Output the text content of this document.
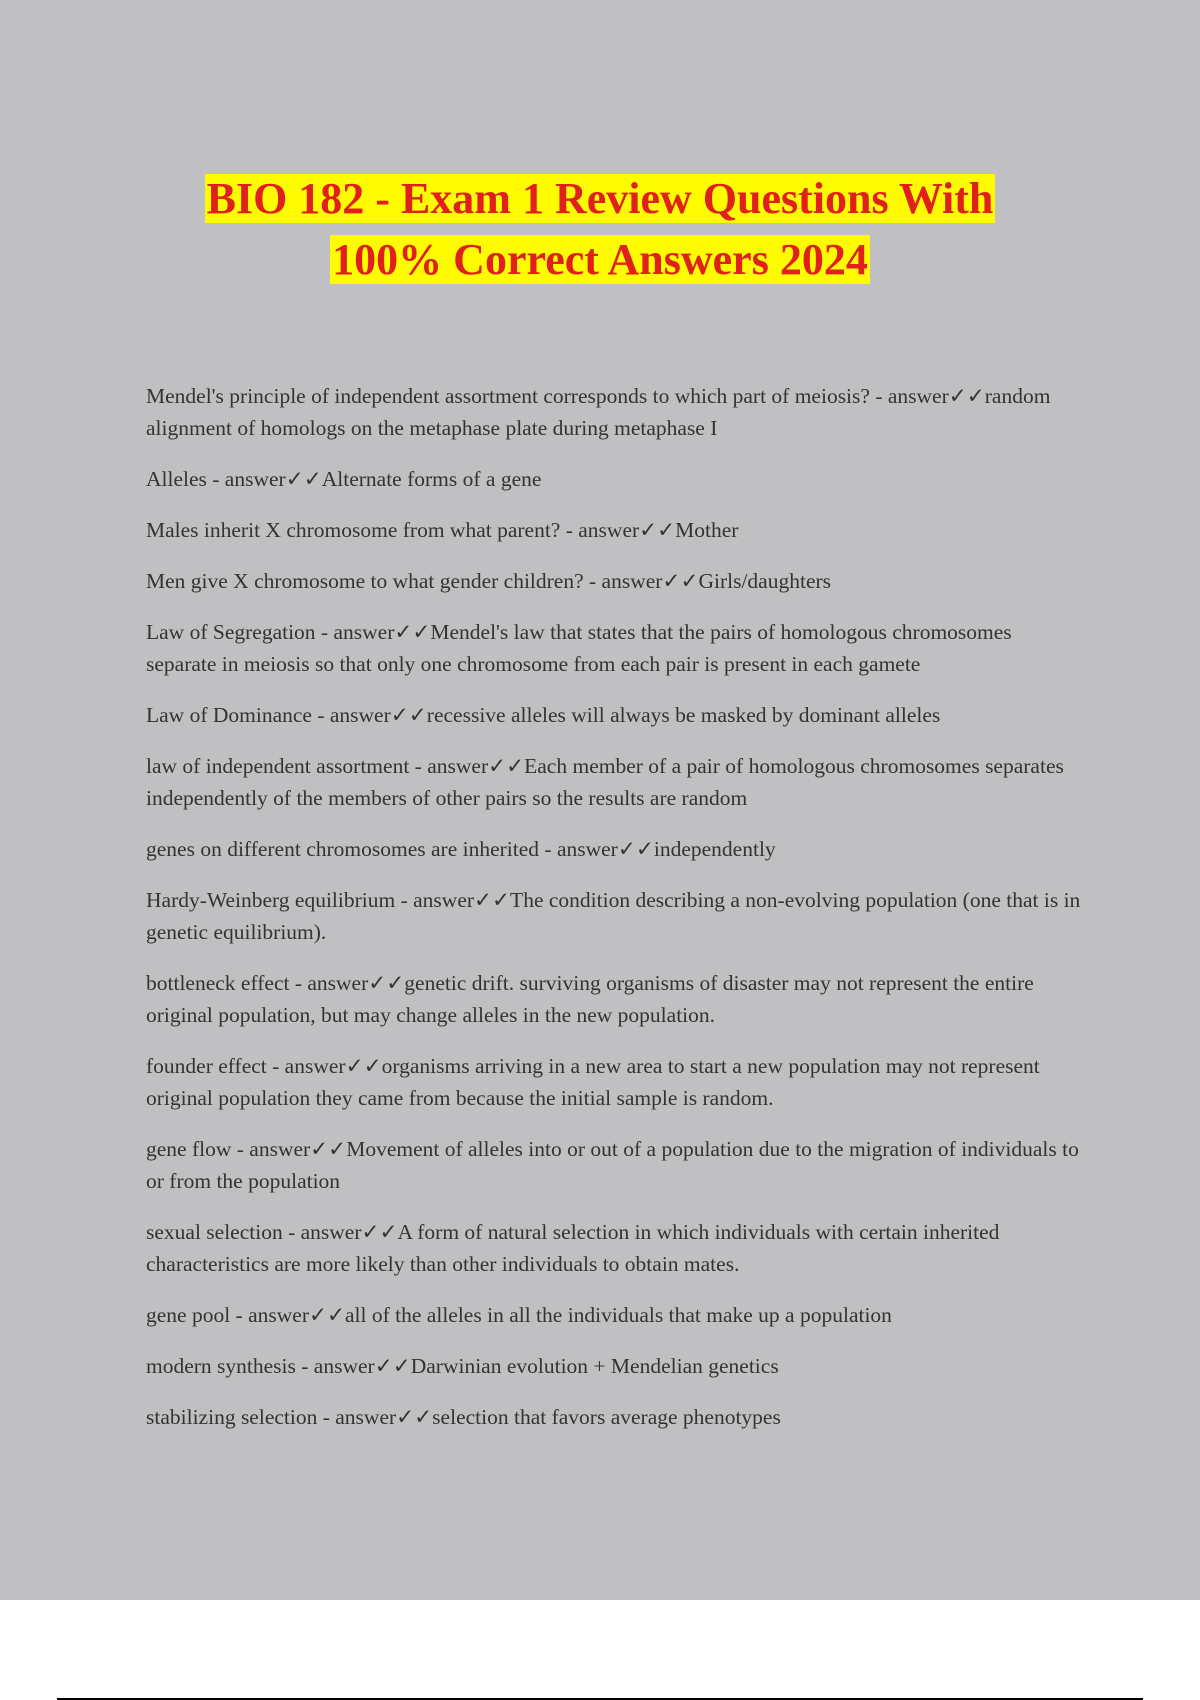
BIO 182 - Exam 1 Review Questions With
100% Correct Answers 2024
Mendel's principle of independent assortment corresponds to which part of meiosis? - answer✓✓random alignment of homologs on the metaphase plate during metaphase I
Alleles - answer✓✓Alternate forms of a gene
Males inherit X chromosome from what parent? - answer✓✓Mother
Men give X chromosome to what gender children? - answer✓✓Girls/daughters
Law of Segregation - answer✓✓Mendel's law that states that the pairs of homologous chromosomes separate in meiosis so that only one chromosome from each pair is present in each gamete
Law of Dominance - answer✓✓recessive alleles will always be masked by dominant alleles
law of independent assortment - answer✓✓Each member of a pair of homologous chromosomes separates independently of the members of other pairs so the results are random
genes on different chromosomes are inherited - answer✓✓independently
Hardy-Weinberg equilibrium - answer✓✓The condition describing a non-evolving population (one that is in genetic equilibrium).
bottleneck effect - answer✓✓genetic drift. surviving organisms of disaster may not represent the entire original population, but may change alleles in the new population.
founder effect - answer✓✓organisms arriving in a new area to start a new population may not represent original population they came from because the initial sample is random.
gene flow - answer✓✓Movement of alleles into or out of a population due to the migration of individuals to or from the population
sexual selection - answer✓✓A form of natural selection in which individuals with certain inherited characteristics are more likely than other individuals to obtain mates.
gene pool - answer✓✓all of the alleles in all the individuals that make up a population
modern synthesis - answer✓✓Darwinian evolution + Mendelian genetics
stabilizing selection - answer✓✓selection that favors average phenotypes
